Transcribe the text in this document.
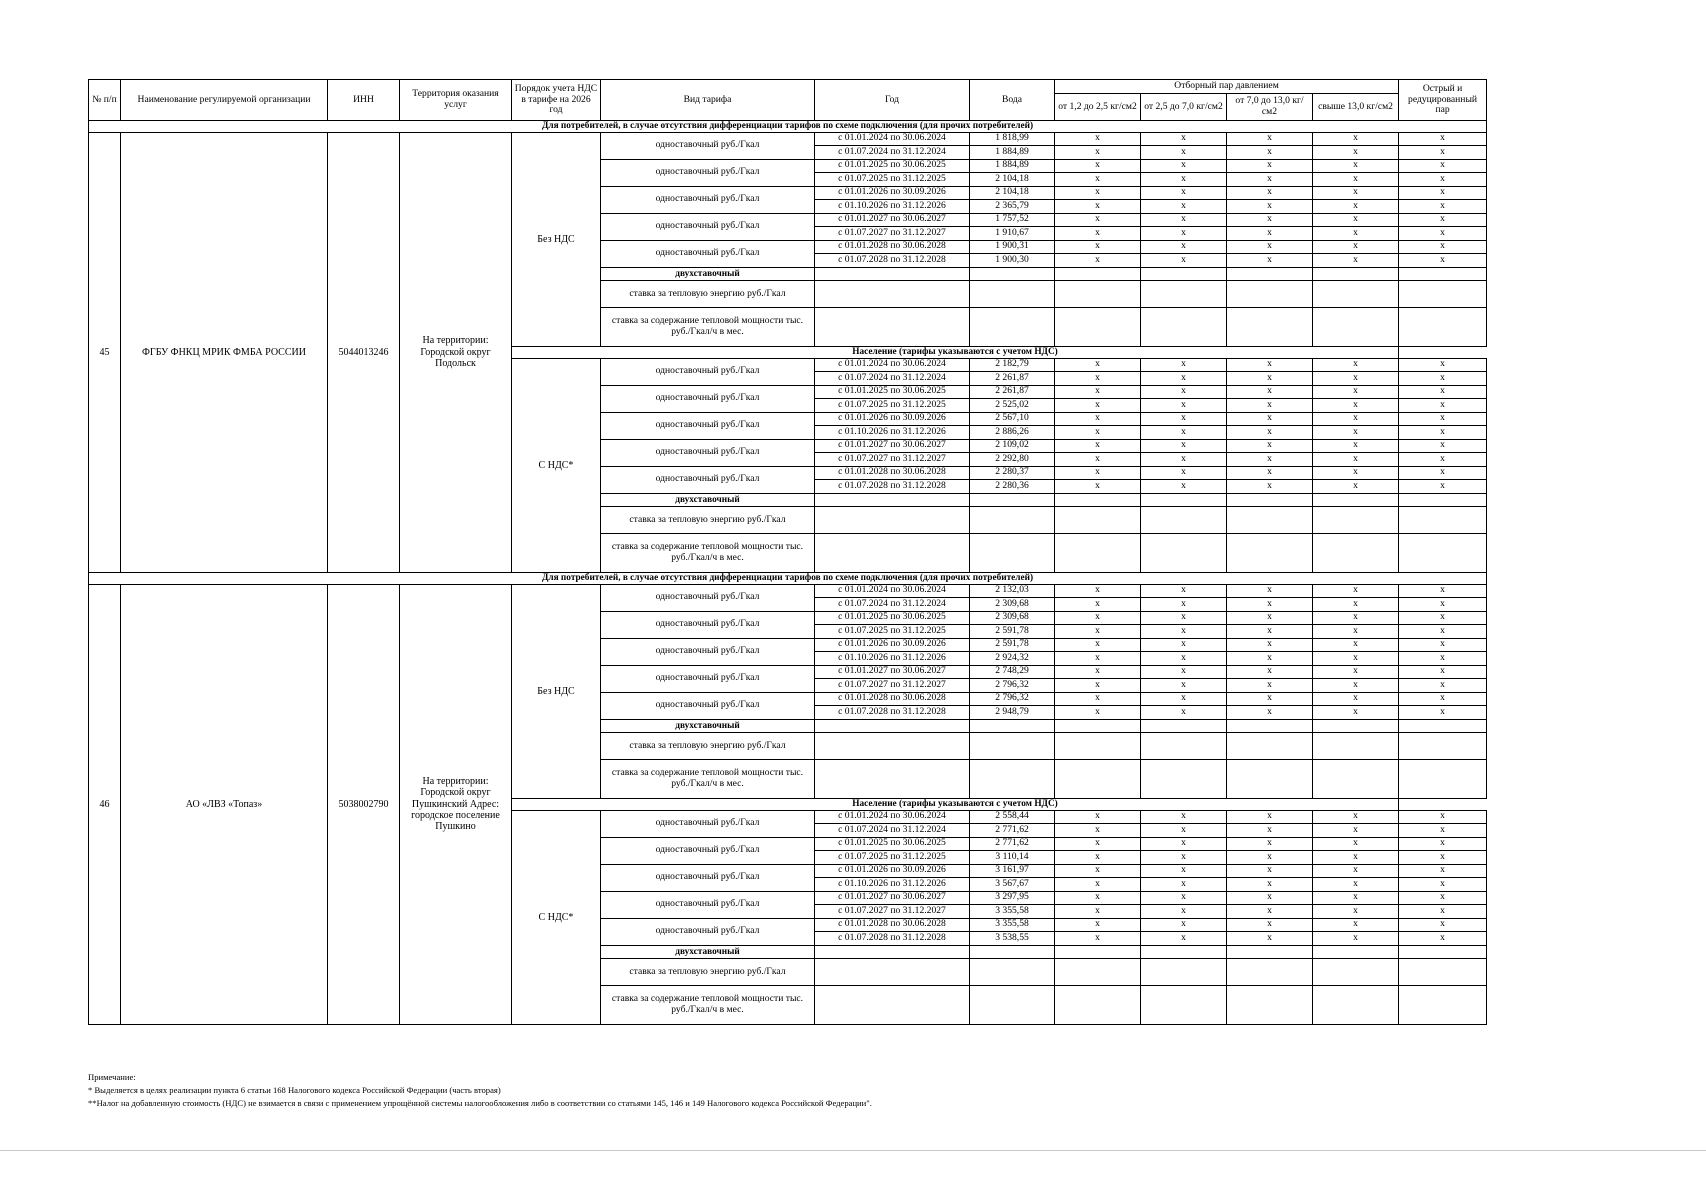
№ п/п	Наименование регулируемой организации	ИНН	Территория оказания услуг	Порядок учета НДС в тарифе на 2026 год	Вид тарифа	Год	Вода	Отборный пар давлением				Острый и редуцированный пар
								от 1,2 до 2,5 кг/см2	от 2,5 до 7,0 кг/см2	от 7,0 до 13,0 кг/см2	свыше 13,0 кг/см2	
Для потребителей, в случае отсутствия дифференциации тарифов по схеме подключения (для прочих потребителей)												
45	ФГБУ ФНКЦ МРИК ФМБА РОССИИ	5044013246	На территории: Городской округ Подольск	Без НДС	одноставочный руб./Гкал	с 01.01.2024 по 30.06.2024	1 818,99	x	x	x	x	x
						с 01.07.2024 по 31.12.2024	1 884,89	x	x	x	x	x
					одноставочный руб./Гкал	с 01.01.2025 по 30.06.2025	1 884,89	x	x	x	x	x
						с 01.07.2025 по 31.12.2025	2 104,18	x	x	x	x	x
					одноставочный руб./Гкал	с 01.01.2026 по 30.09.2026	2 104,18	x	x	x	x	x
						с 01.10.2026 по 31.12.2026	2 365,79	x	x	x	x	x
					одноставочный руб./Гкал	с 01.01.2027 по 30.06.2027	1 757,52	x	x	x	x	x
						с 01.07.2027 по 31.12.2027	1 910,67	x	x	x	x	x
					одноставочный руб./Гкал	с 01.01.2028 по 30.06.2028	1 900,31	x	x	x	x	x
						с 01.07.2028 по 31.12.2028	1 900,30	x	x	x	x	x
					двухставочный							
					ставка за тепловую энергию руб./Гкал							
					ставка за содержание тепловой мощности тыс. руб./Гкал/ч в мес.							
				Население (тарифы указываются с учетом НДС)								
				С НДС*	одноставочный руб./Гкал	с 01.01.2024 по 30.06.2024	2 182,79	x	x	x	x	x
						с 01.07.2024 по 31.12.2024	2 261,87	x	x	x	x	x
					одноставочный руб./Гкал	с 01.01.2025 по 30.06.2025	2 261,87	x	x	x	x	x
						с 01.07.2025 по 31.12.2025	2 525,02	x	x	x	x	x
					одноставочный руб./Гкал	с 01.01.2026 по 30.09.2026	2 567,10	x	x	x	x	x
						с 01.10.2026 по 31.12.2026	2 886,26	x	x	x	x	x
					одноставочный руб./Гкал	с 01.01.2027 по 30.06.2027	2 109,02	x	x	x	x	x
						с 01.07.2027 по 31.12.2027	2 292,80	x	x	x	x	x
					одноставочный руб./Гкал	с 01.01.2028 по 30.06.2028	2 280,37	x	x	x	x	x
						с 01.07.2028 по 31.12.2028	2 280,36	x	x	x	x	x
					двухставочный							
					ставка за тепловую энергию руб./Гкал							
					ставка за содержание тепловой мощности тыс. руб./Гкал/ч в мес.							
Для потребителей, в случае отсутствия дифференциации тарифов по схеме подключения (для прочих потребителей)												
46	АО «ЛВЗ «Топаз»	5038002790	На территории: Городской округ Пушкинский Адрес: городское поселение Пушкино	Без НДС	одноставочный руб./Гкал	с 01.01.2024 по 30.06.2024	2 132,03	x	x	x	x	x
						с 01.07.2024 по 31.12.2024	2 309,68	x	x	x	x	x
					одноставочный руб./Гкал	с 01.01.2025 по 30.06.2025	2 309,68	x	x	x	x	x
						с 01.07.2025 по 31.12.2025	2 591,78	x	x	x	x	x
					одноставочный руб./Гкал	с 01.01.2026 по 30.09.2026	2 591,78	x	x	x	x	x
						с 01.10.2026 по 31.12.2026	2 924,32	x	x	x	x	x
					одноставочный руб./Гкал	с 01.01.2027 по 30.06.2027	2 748,29	x	x	x	x	x
						с 01.07.2027 по 31.12.2027	2 796,32	x	x	x	x	x
					одноставочный руб./Гкал	с 01.01.2028 по 30.06.2028	2 796,32	x	x	x	x	x
						с 01.07.2028 по 31.12.2028	2 948,79	x	x	x	x	x
					двухставочный							
					ставка за тепловую энергию руб./Гкал							
					ставка за содержание тепловой мощности тыс. руб./Гкал/ч в мес.							
				Население (тарифы указываются с учетом НДС)								
				С НДС*	одноставочный руб./Гкал	с 01.01.2024 по 30.06.2024	2 558,44	x	x	x	x	x
						с 01.07.2024 по 31.12.2024	2 771,62	x	x	x	x	x
					одноставочный руб./Гкал	с 01.01.2025 по 30.06.2025	2 771,62	x	x	x	x	x
						с 01.07.2025 по 31.12.2025	3 110,14	x	x	x	x	x
					одноставочный руб./Гкал	с 01.01.2026 по 30.09.2026	3 161,97	x	x	x	x	x
						с 01.10.2026 по 31.12.2026	3 567,67	x	x	x	x	x
					одноставочный руб./Гкал	с 01.01.2027 по 30.06.2027	3 297,95	x	x	x	x	x
						с 01.07.2027 по 31.12.2027	3 355,58	x	x	x	x	x
					одноставочный руб./Гкал	с 01.01.2028 по 30.06.2028	3 355,58	x	x	x	x	x
						с 01.07.2028 по 31.12.2028	3 538,55	x	x	x	x	x
					двухставочный							
					ставка за тепловую энергию руб./Гкал							
					ставка за содержание тепловой мощности тыс. руб./Гкал/ч в мес.							
Примечание:
* Выделяется в целях реализации пункта 6 статьи 168 Налогового кодекса Российской Федерации (часть вторая)
**Налог на добавленную стоимость (НДС) не взимается в связи с применением упрощённой системы налогообложения либо в соответствии со статьями 145, 146 и 149 Налогового кодекса Российской Федерации".
